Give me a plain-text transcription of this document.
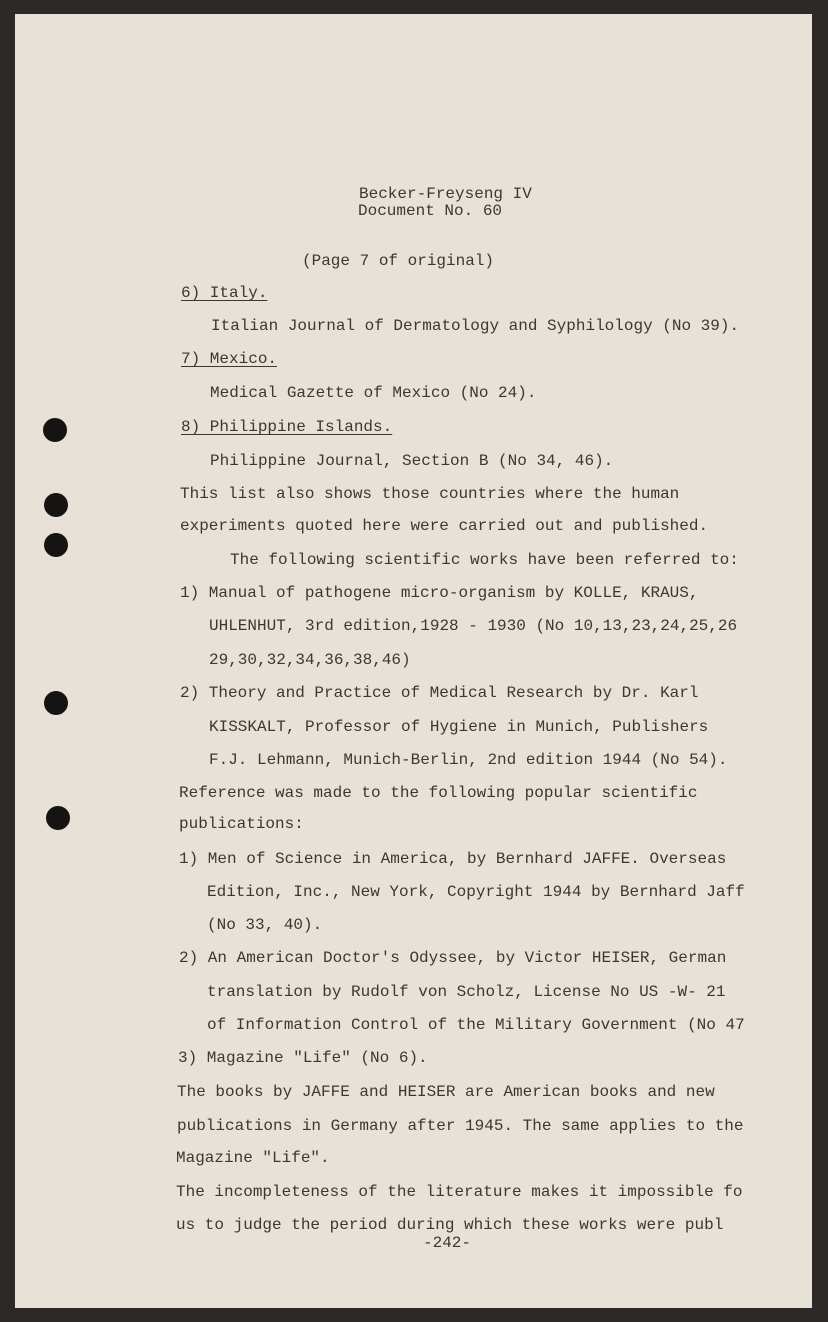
Becker-Freyseng IV
Document No. 60
(Page 7 of original)
6) Italy.
Italian Journal of Dermatology and Syphilology (No 39).
7) Mexico.
Medical Gazette of Mexico (No 24).
8) Philippine Islands.
Philippine Journal, Section B (No 34, 46).
This list also shows those countries where the human
experiments quoted here were carried out and published.
The following scientific works have been referred to:
1) Manual of pathogene micro-organism by KOLLE, KRAUS,
UHLENHUT, 3rd edition,1928 - 1930 (No 10,13,23,24,25,26
29,30,32,34,36,38,46)
2) Theory and Practice of Medical Research by Dr. Karl
KISSKALT, Professor of Hygiene in Munich, Publishers
F.J. Lehmann, Munich-Berlin, 2nd edition 1944 (No 54).
Reference was made to the following popular scientific
publications:
1) Men of Science in America, by Bernhard JAFFE. Overseas
Edition, Inc., New York, Copyright 1944 by Bernhard Jaff
(No 33, 40).
2) An American Doctor's Odyssee, by Victor HEISER, German
translation by Rudolf von Scholz, License No US -W- 21
of Information Control of the Military Government (No 47
3) Magazine "Life" (No 6).
The books by JAFFE and HEISER are American books and new
publications in Germany after 1945. The same applies to the
Magazine "Life".
The incompleteness of the literature makes it impossible fo
us to judge the period during which these works were publ
-242-
